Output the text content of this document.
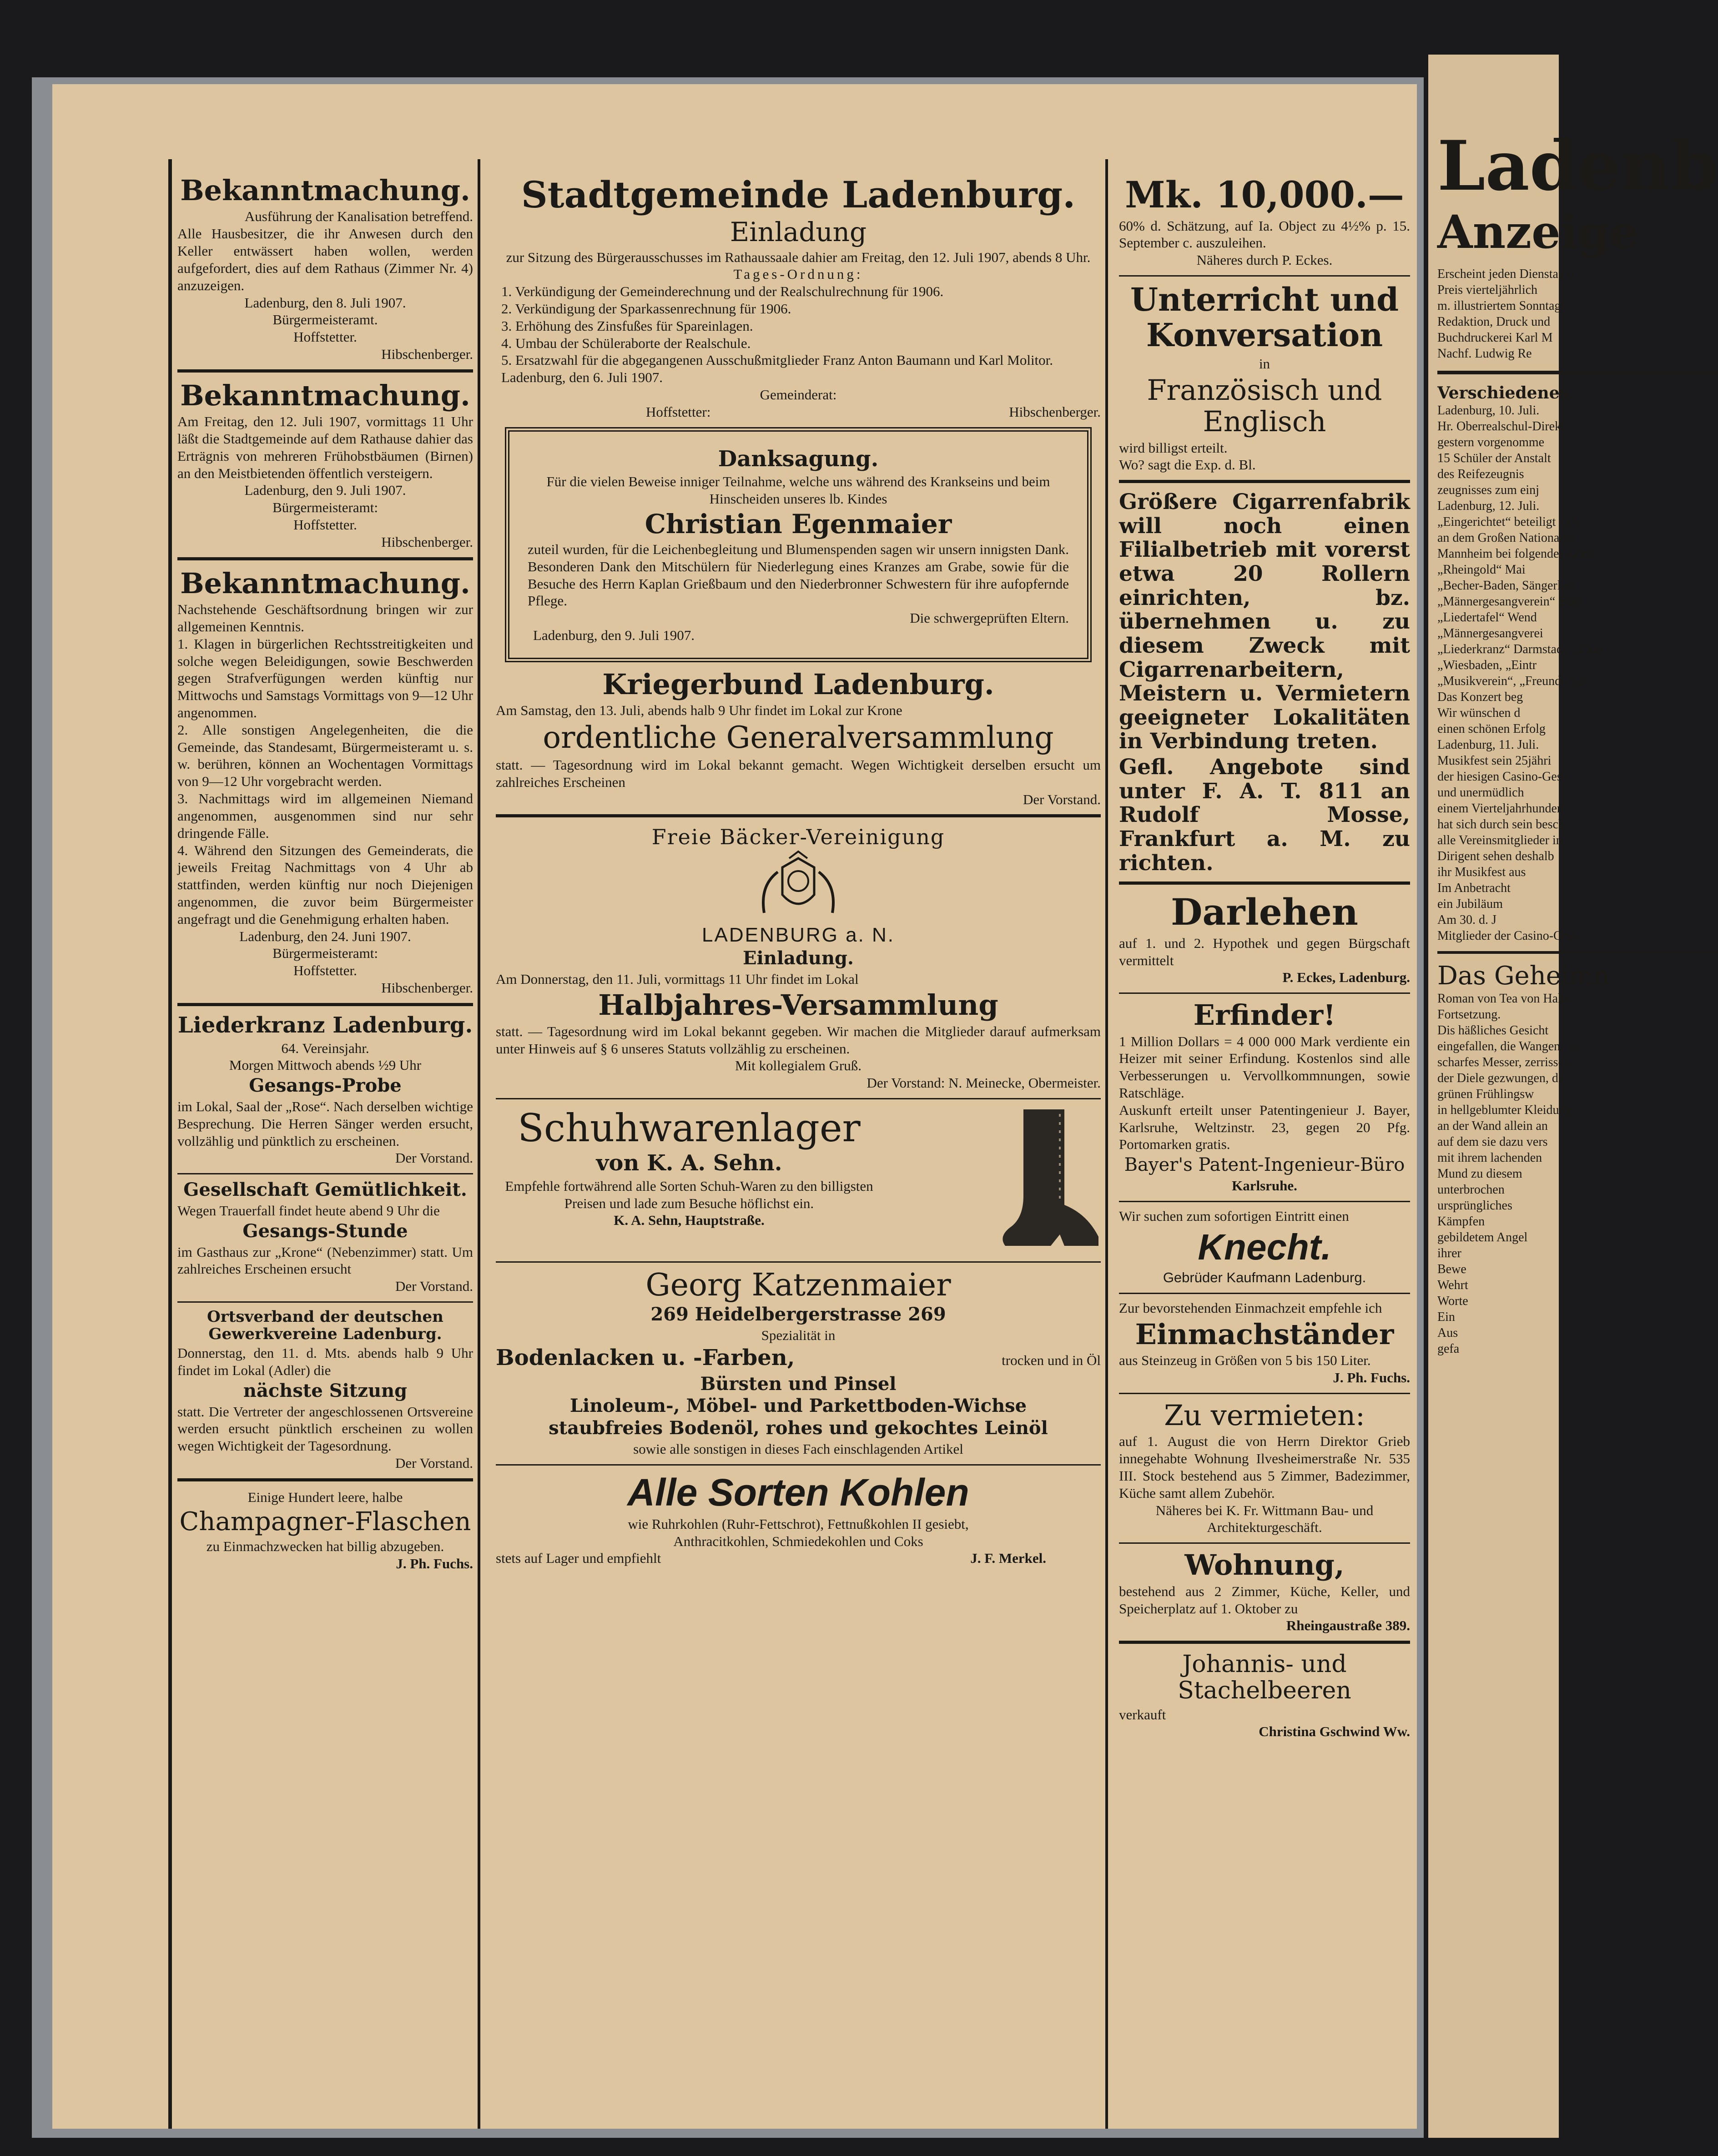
Bekanntmachung.

Ausführung der Kanalisation betreffend.

Alle Hausbesitzer, die ihr Anwesen durch den Keller entwässert haben wollen, werden aufgefordert, dies auf dem Rathaus (Zimmer Nr. 4) anzuzeigen.

Ladenburg, den 8. Juli 1907.

Bürgermeisteramt.

Hoffstetter.

Hibschenberger.

Bekanntmachung.

Am Freitag, den 12. Juli 1907, vormittags 11 Uhr läßt die Stadtgemeinde auf dem Rathause dahier das Erträgnis von mehreren Frühobstbäumen (Birnen) an den Meistbietenden öffentlich versteigern.

Ladenburg, den 9. Juli 1907.

Bürgermeisteramt:

Hoffstetter.

Hibschenberger.

Bekanntmachung.

Nachstehende Geschäftsordnung bringen wir zur allgemeinen Kenntnis.

1. Klagen in bürgerlichen Rechtsstreitigkeiten und solche wegen Beleidigungen, sowie Beschwerden gegen Strafverfügungen werden künftig nur Mittwochs und Samstags Vormittags von 9—12 Uhr angenommen.

2. Alle sonstigen Angelegenheiten, die die Gemeinde, das Standesamt, Bürgermeisteramt u. s. w. berühren, können an Wochentagen Vormittags von 9—12 Uhr vorgebracht werden.

3. Nachmittags wird im allgemeinen Niemand angenommen, ausgenommen sind nur sehr dringende Fälle.

4. Während den Sitzungen des Gemeinderats, die jeweils Freitag Nachmittags von 4 Uhr ab stattfinden, werden künftig nur noch Diejenigen angenommen, die zuvor beim Bürgermeister angefragt und die Genehmigung erhalten haben.

Ladenburg, den 24. Juni 1907.

Bürgermeisteramt:

Hoffstetter.

Hibschenberger.

Liederkranz Ladenburg.

64. Vereinsjahr.

Morgen Mittwoch abends ½9 Uhr

Gesangs-Probe

im Lokal, Saal der „Rose“. Nach derselben wichtige Besprechung. Die Herren Sänger werden ersucht, vollzählig und pünktlich zu erscheinen.

Der Vorstand.

Gesellschaft Gemütlichkeit.

Wegen Trauerfall findet heute abend 9 Uhr die

Gesangs-Stunde

im Gasthaus zur „Krone“ (Nebenzimmer) statt. Um zahlreiches Erscheinen ersucht

Der Vorstand.

Ortsverband der deutschen Gewerkvereine Ladenburg.

Donnerstag, den 11. d. Mts. abends halb 9 Uhr findet im Lokal (Adler) die

nächste Sitzung

statt. Die Vertreter der angeschlossenen Ortsvereine werden ersucht pünktlich erscheinen zu wollen wegen Wichtigkeit der Tagesordnung.

Der Vorstand.

Einige Hundert leere, halbe

Champagner-Flaschen

zu Einmachzwecken hat billig abzugeben.

J. Ph. Fuchs.

Stadtgemeinde Ladenburg.
Einladung

zur Sitzung des Bürgerausschusses im Rathaussaale dahier am Freitag, den 12. Juli 1907, abends 8 Uhr.

Tages-Ordnung:

1. Verkündigung der Gemeinderechnung und der Realschulrechnung für 1906.
2. Verkündigung der Sparkassenrechnung für 1906.
3. Erhöhung des Zinsfußes für Spareinlagen.
4. Umbau der Schüleraborte der Realschule.
5. Ersatzwahl für die abgegangenen Ausschußmitglieder Franz Anton Baumann und Karl Molitor.

Ladenburg, den 6. Juli 1907.

Gemeinderat:

Hoffstetter:	Hibschenberger.
Danksagung.

Für die vielen Beweise inniger Teilnahme, welche uns während des Krankseins und beim Hinscheiden unseres lb. Kindes

Christian Egenmaier

zuteil wurden, für die Leichenbegleitung und Blumenspenden sagen wir unsern innigsten Dank. Besonderen Dank den Mitschülern für Niederlegung eines Kranzes am Grabe, sowie für die Besuche des Herrn Kaplan Grießbaum und den Niederbronner Schwestern für ihre aufopfernde Pflege.

Die schwergeprüften Eltern.

Ladenburg, den 9. Juli 1907.

Kriegerbund Ladenburg.

Am Samstag, den 13. Juli, abends halb 9 Uhr findet im Lokal zur Krone

ordentliche Generalversammlung

statt. — Tagesordnung wird im Lokal bekannt gemacht. Wegen Wichtigkeit derselben ersucht um zahlreiches Erscheinen

Der Vorstand.

Freie Bäcker-Vereinigung
LADENBURG a. N.
Einladung.

Am Donnerstag, den 11. Juli, vormittags 11 Uhr findet im Lokal

Halbjahres-Versammlung

statt. — Tagesordnung wird im Lokal bekannt gegeben. Wir machen die Mitglieder darauf aufmerksam unter Hinweis auf § 6 unseres Statuts vollzählig zu erscheinen.

Mit kollegialem Gruß.

Der Vorstand: N. Meinecke, Obermeister.

Schuhwarenlager
von K. A. Sehn.

Empfehle fortwährend alle Sorten Schuh-Waren zu den billigsten Preisen und lade zum Besuche höflichst ein.

K. A. Sehn, Hauptstraße.

Georg Katzenmaier
269 Heidelbergerstrasse 269

Spezialität in

Bodenlacken u. -Farben,	trocken und in Öl
Bürsten und Pinsel
Linoleum-, Möbel- und Parkettboden-Wichse
staubfreies Bodenöl, rohes und gekochtes Leinöl

sowie alle sonstigen in dieses Fach einschlagenden Artikel

Alle Sorten Kohlen

wie Ruhrkohlen (Ruhr-Fettschrot), Fettnußkohlen II gesiebt,

Anthracitkohlen, Schmiedekohlen und Coks

stets auf Lager und empfiehlt	J. F. Merkel.
Mk. 10,000.—

60% d. Schätzung, auf Ia. Object zu 4½% p. 15. September c. auszuleihen.

Näheres durch P. Eckes.

Unterricht und Konversation

in

Französisch und Englisch

wird billigst erteilt.

Wo? sagt die Exp. d. Bl.

Größere Cigarrenfabrik will noch einen Filialbetrieb mit vorerst etwa 20 Rollern einrichten, bz. übernehmen u. zu diesem Zweck mit Cigarrenarbeitern, Meistern u. Vermietern geeigneter Lokalitäten in Verbindung treten.
Gefl. Angebote sind unter F. A. T. 811 an Rudolf Mosse, Frankfurt a. M. zu richten.
Darlehen

auf 1. und 2. Hypothek und gegen Bürgschaft vermittelt

P. Eckes, Ladenburg.

Erfinder!

1 Million Dollars = 4 000 000 Mark verdiente ein Heizer mit seiner Erfindung. Kostenlos sind alle Verbesserungen u. Vervollkommnungen, sowie Ratschläge.

Auskunft erteilt unser Patentingenieur J. Bayer, Karlsruhe, Weltzinstr. 23, gegen 20 Pfg. Portomarken gratis.

Bayer's Patent-Ingenieur-Büro

Karlsruhe.

Wir suchen zum sofortigen Eintritt einen

Knecht.

Gebrüder Kaufmann Ladenburg.

Zur bevorstehenden Einmachzeit empfehle ich

Einmachständer

aus Steinzeug in Größen von 5 bis 150 Liter.

J. Ph. Fuchs.

Zu vermieten:

auf 1. August die von Herrn Direktor Grieb innegehabte Wohnung Ilvesheimerstraße Nr. 535 III. Stock bestehend aus 5 Zimmer, Badezimmer, Küche samt allem Zubehör.

Näheres bei K. Fr. Wittmann Bau- und Architekturgeschäft.

Wohnung,

bestehend aus 2 Zimmer, Küche, Keller, und Speicherplatz auf 1. Oktober zu

Rheingaustraße 389.

Johannis- und Stachelbeeren

verkauft

Christina Gschwind Ww.

Ladenb
Anzeige

Erscheint jeden Dienstag u

Preis vierteljährlich

m. illustriertem Sonntags

Redaktion, Druck und

Buchdruckerei Karl M

Nachf. Ludwig Re

Verschiedenes.

Ladenburg, 10. Juli.

Hr. Oberrealschul-Direkt

gestern vorgenomme

15 Schüler der Anstalt

des Reifezeugnis

zeugnisses zum einj

Ladenburg, 12. Juli.

„Eingerichtet“ beteiligt sich

an dem Großen Nationalen

Mannheim bei folgender Konk

„Rheingold“ Mai

„Becher-Baden, Sängerlust

„Männergesangverein“ Bühl

„Liedertafel“ Wend

„Männergesangverei

„Liederkranz“ Darmstadt, „Eintr

„Wiesbaden, „Eintr

„Musikverein“, „Freundschaf

Das Konzert beg

Wir wünschen d

einen schönen Erfolg

Ladenburg, 11. Juli.

Musikfest sein 25jähri

der hiesigen Casino-Gese

und unermüdlich

einem Vierteljahrhundert

hat sich durch sein besch

alle Vereinsmitglieder in

Dirigent sehen deshalb

ihr Musikfest aus

Im Anbetracht

ein Jubiläum

Am 30. d. J

Mitglieder der Casino-Gese

Das Geheimn

Roman von Tea von Hahn

Fortsetzung.

Dis häßliches Gesicht

eingefallen, die Wangen, zu

scharfes Messer, zerrissen

der Diele gezwungen, de

grünen Frühlingsw

in hellgeblumter Kleidung

an der Wand allein an

auf dem sie dazu vers

mit ihrem lachenden

Mund zu diesem

unterbrochen

ursprüngliches

Kämpfen

gebildetem Angel

ihrer

Bewe

Wehrt

Worte

Ein

Aus

gefa
